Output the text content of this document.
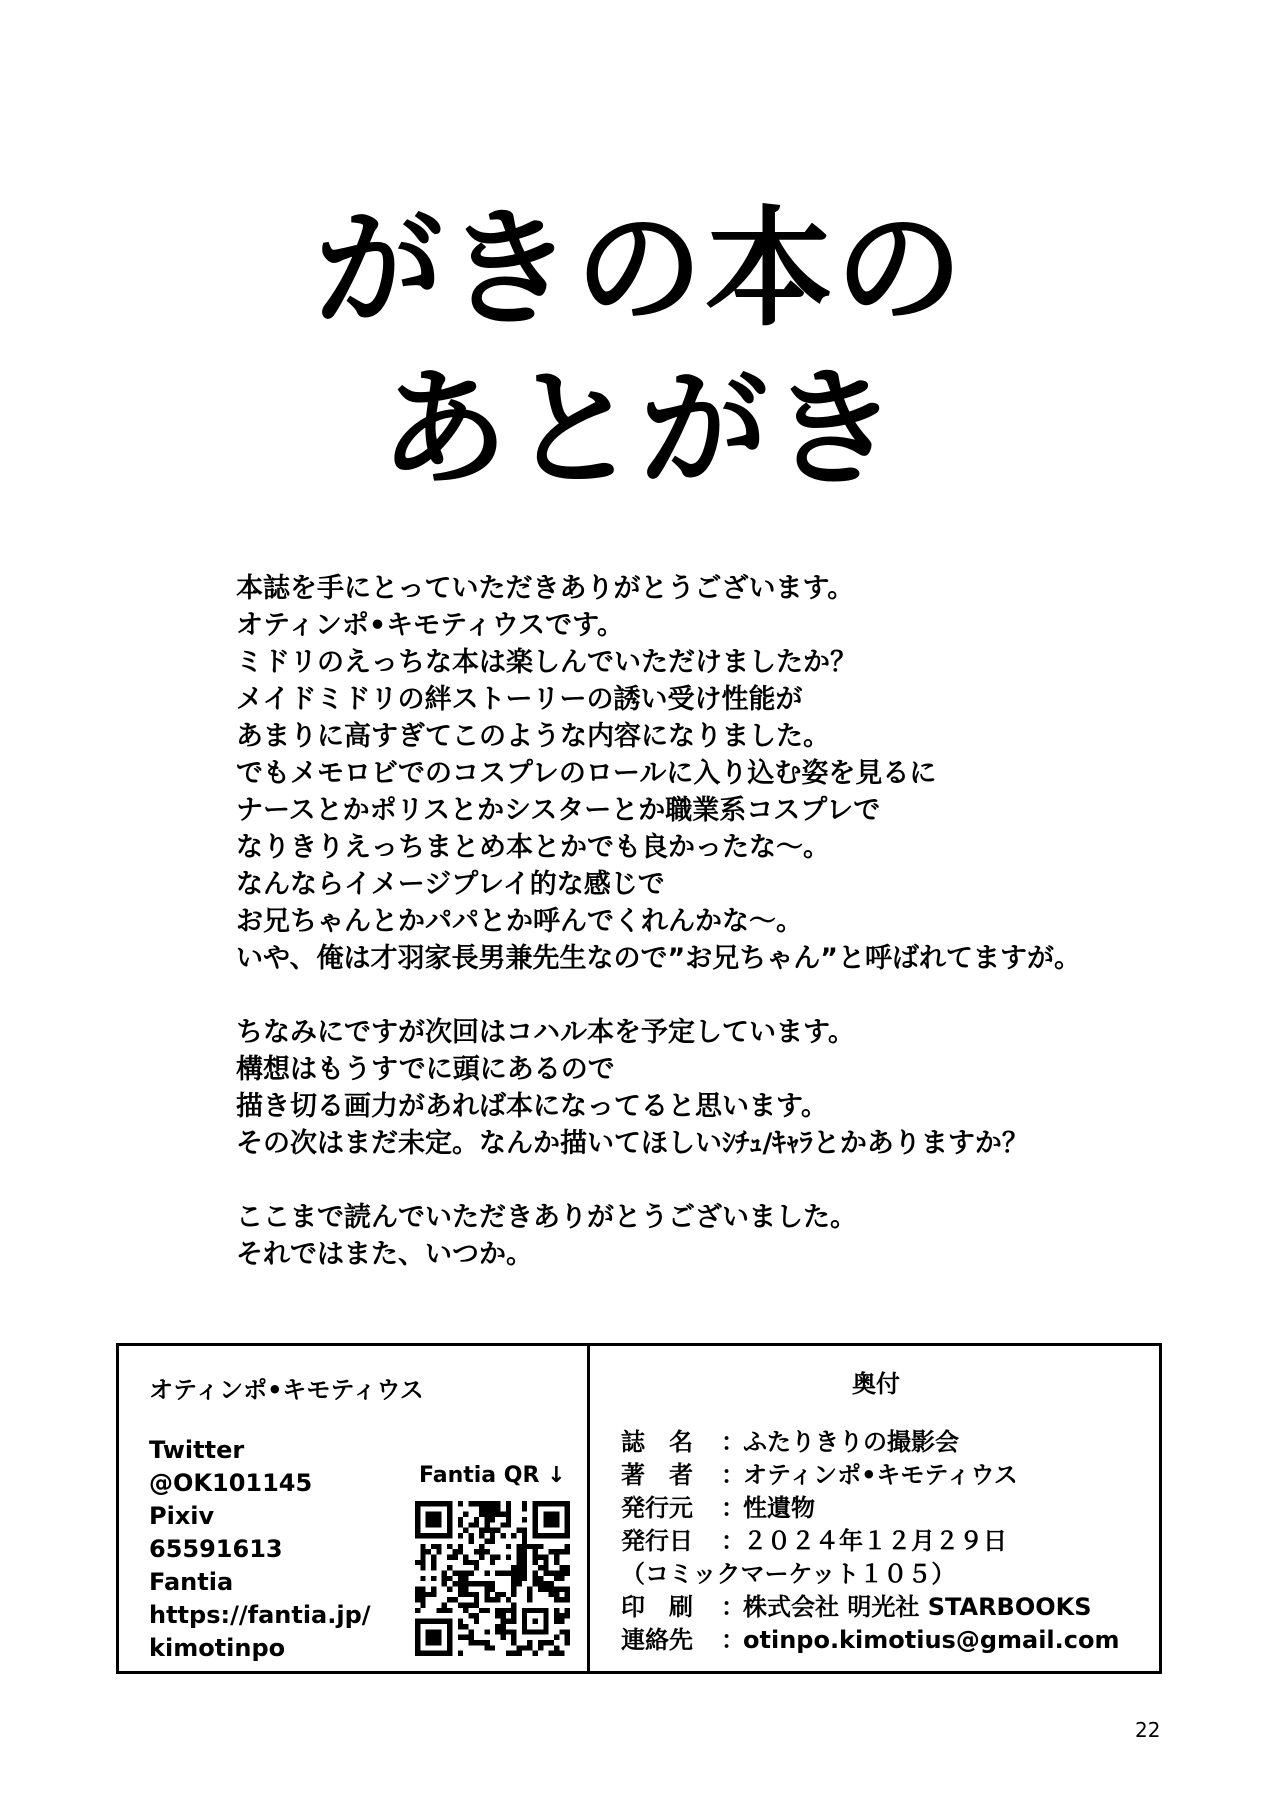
がきの本の
あとがき
本誌を手にとっていただきありがとうございます。
オティンポ•キモティウスです。
ミドリのえっちな本は楽しんでいただけましたか？
メイドミドリの絆ストーリーの誘い受け性能が
あまりに高すぎてこのような内容になりました。
でもメモロビでのコスプレのロールに入り込む姿を見るに
ナースとかポリスとかシスターとか職業系コスプレで
なりきりえっちまとめ本とかでも良かったな～。
なんならイメージプレイ的な感じで
お兄ちゃんとかパパとか呼んでくれんかな～。
いや、俺は才羽家長男兼先生なので”お兄ちゃん”と呼ばれてますが。
ちなみにですが次回はコハル本を予定しています。
構想はもうすでに頭にあるので
描き切る画力があれば本になってると思います。
その次はまだ未定。なんか描いてほしいｼﾁｭ/ｷｬﾗとかありますか？
ここまで読んでいただきありがとうございました。
それではまた、いつか。
オティンポ•キモティウス
Twitter
@OK101145
Pixiv
65591613
Fantia
https://fantia.jp/
kimotinpo
Fantia QR ↓
奥付
誌　名 ：ふたりきりの撮影会
著　者 ：オティンポ•キモティウス
発行元 ：性遺物
発行日 ：２０２４年１２月２９日
（コミックマーケット１０５）
印　刷 ：株式会社 明光社 STARBOOKS
連絡先 ：otinpo.kimotius@gmail.com
22
